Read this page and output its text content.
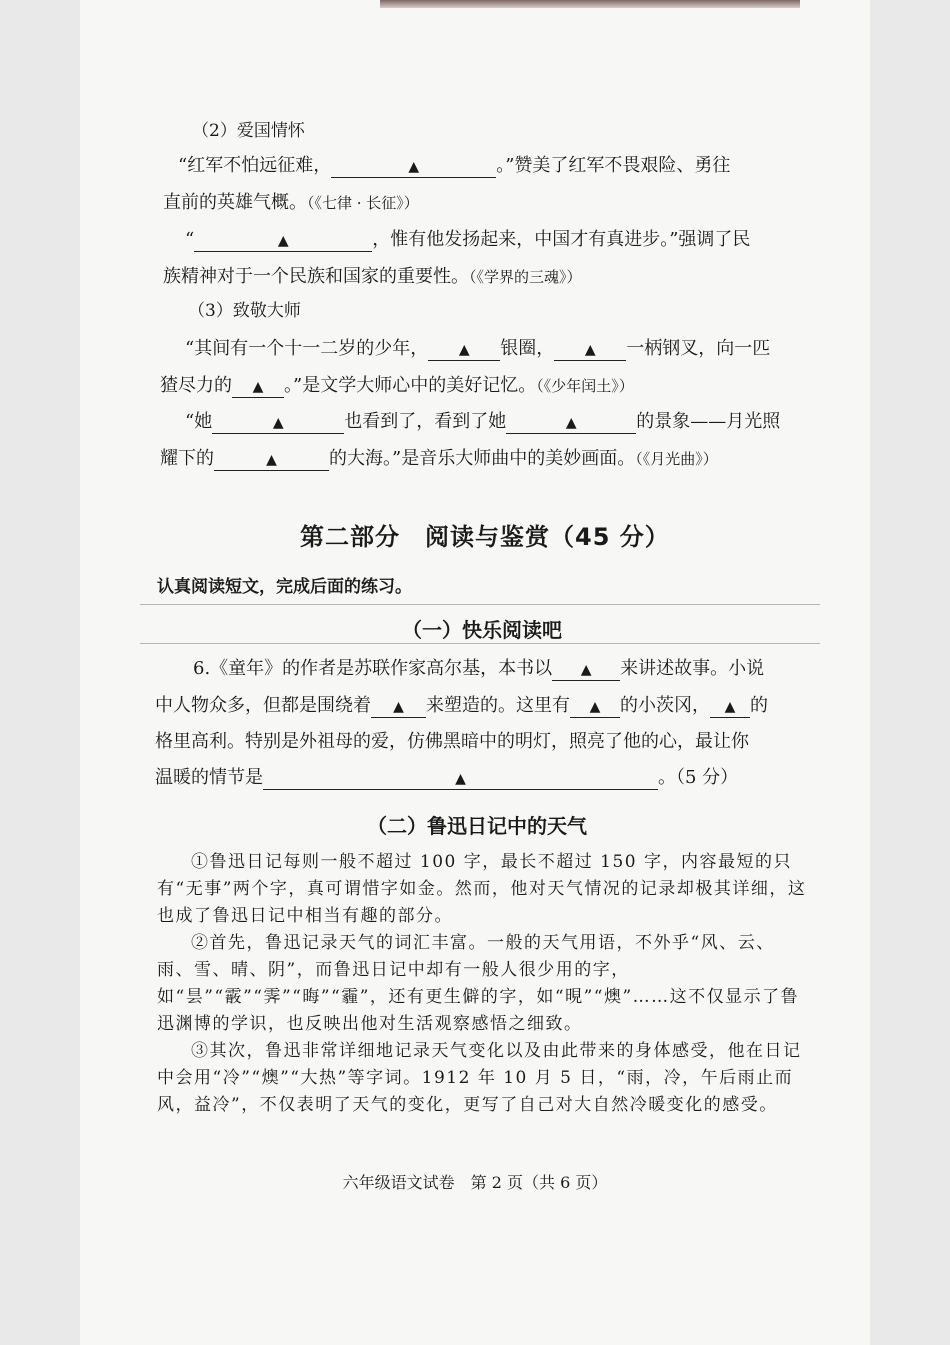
（2）爱国情怀
“红军不怕远征难，	▲	。”赞美了红军不畏艰险、勇往
直前的英雄气概。（《七律 · 长征》）
“	▲	，惟有他发扬起来，中国才有真进步。”强调了民
族精神对于一个民族和国家的重要性。（《学界的三魂》）
（3）致敬大师
“其间有一个十一二岁的少年， ▲ 银圈， ▲ 一柄钢叉，向一匹
猹尽力的 ▲ 。”是文学大师心中的美好记忆。（《少年闰土》）
“她	▲	也看到了，看到了她	▲	的景象——月光照
耀下的	▲	的大海。”是音乐大师曲中的美妙画面。（《月光曲》）
第二部分　阅读与鉴赏（45 分）
认真阅读短文，完成后面的练习。
（一）快乐阅读吧
6.《童年》的作者是苏联作家高尔基，本书以 ▲ 来讲述故事。小说
中人物众多，但都是围绕着 ▲ 来塑造的。这里有 ▲ 的小茨冈， ▲ 的
格里高利。特别是外祖母的爱，仿佛黑暗中的明灯，照亮了他的心，最让你
温暖的情节是	▲	。（5 分）
（二）鲁迅日记中的天气

①鲁迅日记每则一般不超过 100 字，最长不超过 150 字，内容最短的只有“无事”两个字，真可谓惜字如金。然而，他对天气情况的记录却极其详细，这也成了鲁迅日记中相当有趣的部分。

②首先，鲁迅记录天气的词汇丰富。一般的天气用语，不外乎“风、云、雨、雪、晴、阴”，而鲁迅日记中却有一般人很少用的字，如“昙”“霰”“霁”“晦”“霾”，还有更生僻的字，如“晛”“燠”……这不仅显示了鲁迅渊博的学识，也反映出他对生活观察感悟之细致。

③其次，鲁迅非常详细地记录天气变化以及由此带来的身体感受，他在日记中会用“冷”“燠”“大热”等字词。1912 年 10 月 5 日，“雨，冷，午后雨止而风，益冷”，不仅表明了天气的变化，更写了自己对大自然冷暖变化的感受。

六年级语文试卷　第 2 页（共 6 页）
